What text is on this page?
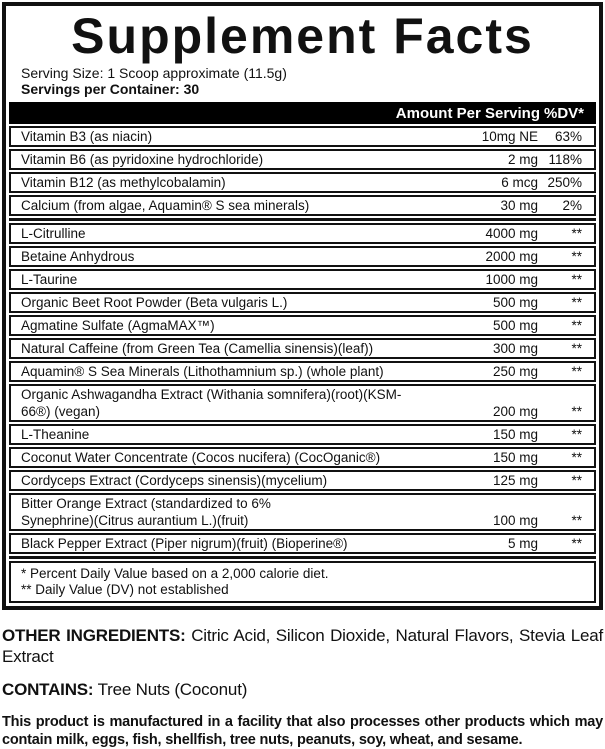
Supplement Facts
Serving Size: 1 Scoop approximate (11.5g)
Servings per Container: 30
Amount Per Serving %DV*
Vitamin B3 (as niacin)	10mg NE	63%
Vitamin B6 (as pyridoxine hydrochloride)	2 mg 118%
Vitamin B12 (as methylcobalamin)	6 mcg 250%
Calcium (from algae, Aquamin® S sea minerals)	30 mg	2%
L-Citrulline	4000 mg	**
Betaine Anhydrous	2000 mg	**
L-Taurine	1000 mg	**
Organic Beet Root Powder (Beta vulgaris L.)	500 mg	**
Agmatine Sulfate (AgmaMAX™)	500 mg	**
Natural Caffeine (from Green Tea (Camellia sinensis)(leaf))	300 mg	**
Aquamin® S Sea Minerals (Lithothamnium sp.) (whole plant)	250 mg	**
Organic Ashwagandha Extract (Withania somnifera)(root)(KSM-66®) (vegan)	200 mg	**
L-Theanine	150 mg	**
Coconut Water Concentrate (Cocos nucifera) (CocOganic®)	150 mg	**
Cordyceps Extract (Cordyceps sinensis)(mycelium)	125 mg	**
Bitter Orange Extract (standardized to 6%
Synephrine)(Citrus aurantium L.)(fruit)	100 mg	**
Black Pepper Extract (Piper nigrum)(fruit) (Bioperine®)	5 mg	**
* Percent Daily Value based on a 2,000 calorie diet.
** Daily Value (DV) not established

OTHER INGREDIENTS: Citric Acid, Silicon Dioxide, Natural Flavors, Stevia Leaf Extract

CONTAINS: Tree Nuts (Coconut)

This product is manufactured in a facility that also processes other products which may contain milk, eggs, fish, shellfish, tree nuts, peanuts, soy, wheat, and sesame.
